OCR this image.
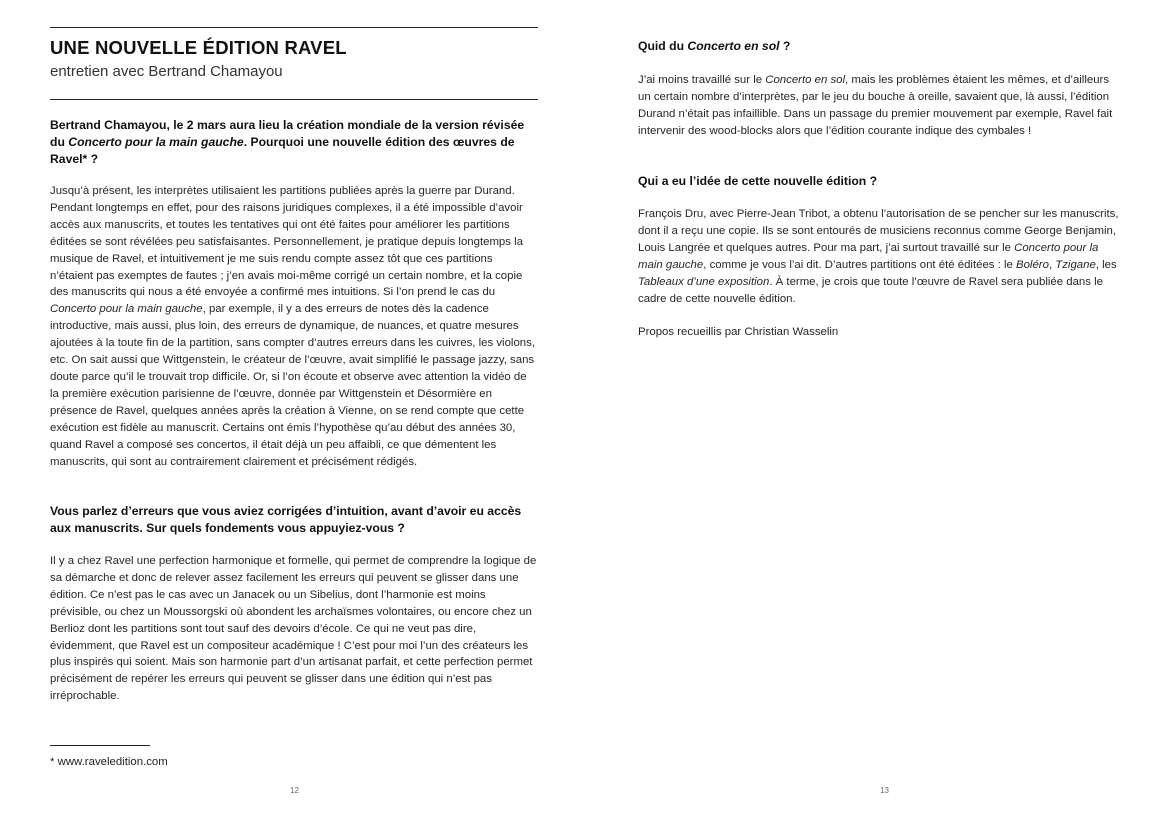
UNE NOUVELLE ÉDITION RAVEL
entretien avec Bertrand Chamayou

Bertrand Chamayou, le 2 mars aura lieu la création mondiale de la version révisée du Concerto pour la main gauche. Pourquoi une nouvelle édition des œuvres de Ravel* ?

Jusqu’à présent, les interprètes utilisaient les partitions publiées après la guerre par Durand. Pendant longtemps en effet, pour des raisons juridiques complexes, il a été impossible d’avoir accès aux manuscrits, et toutes les tentatives qui ont été faites pour améliorer les partitions éditées se sont révélées peu satisfaisantes. Personnellement, je pratique depuis longtemps la musique de Ravel, et intuitivement je me suis rendu compte assez tôt que ces partitions n’étaient pas exemptes de fautes ; j’en avais moi-même corrigé un certain nombre, et la copie des manuscrits qui nous a été envoyée a confirmé mes intuitions. Si l’on prend le cas du Concerto pour la main gauche, par exemple, il y a des erreurs de notes dès la cadence introductive, mais aussi, plus loin, des erreurs de dynamique, de nuances, et quatre mesures ajoutées à la toute fin de la partition, sans compter d’autres erreurs dans les cuivres, les violons, etc. On sait aussi que Wittgenstein, le créateur de l’œuvre, avait simplifié le passage jazzy, sans doute parce qu’il le trouvait trop difficile. Or, si l’on écoute et observe avec attention la vidéo de la première exécution parisienne de l’œuvre, donnée par Wittgenstein et Désormière en présence de Ravel, quelques années après la création à Vienne, on se rend compte que cette exécution est fidèle au manuscrit. Certains ont émis l’hypothèse qu’au début des années 30, quand Ravel a composé ses concertos, il était déjà un peu affaibli, ce que démentent les manuscrits, qui sont au contrairement clairement et précisément rédigés.

Vous parlez d’erreurs que vous aviez corrigées d’intuition, avant d’avoir eu accès aux manuscrits. Sur quels fondements vous appuyiez-vous ?

Il y a chez Ravel une perfection harmonique et formelle, qui permet de comprendre la logique de sa démarche et donc de relever assez facilement les erreurs qui peuvent se glisser dans une édition. Ce n’est pas le cas avec un Janacek ou un Sibelius, dont l’harmonie est moins prévisible, ou chez un Moussorgski où abondent les archaïsmes volontaires, ou encore chez un Berlioz dont les partitions sont tout sauf des devoirs d’école. Ce qui ne veut pas dire, évidemment, que Ravel est un compositeur académique ! C’est pour moi l’un des créateurs les plus inspirés qui soient. Mais son harmonie part d’un artisanat parfait, et cette perfection permet précisément de repérer les erreurs qui peuvent se glisser dans une édition qui n’est pas irréprochable.

* www.raveledition.com
12

Quid du Concerto en sol ?

J’ai moins travaillé sur le Concerto en sol, mais les problèmes étaient les mêmes, et d’ailleurs un certain nombre d’interprètes, par le jeu du bouche à oreille, savaient que, là aussi, l’édition Durand n’était pas infaillible. Dans un passage du premier mouvement par exemple, Ravel fait intervenir des wood-blocks alors que l’édition courante indique des cymbales !

Qui a eu l’idée de cette nouvelle édition ?

François Dru, avec Pierre-Jean Tribot, a obtenu l’autorisation de se pencher sur les manuscrits, dont il a reçu une copie. Ils se sont entourés de musiciens reconnus comme George Benjamin, Louis Langrée et quelques autres. Pour ma part, j’ai surtout travaillé sur le Concerto pour la main gauche, comme je vous l’ai dit. D’autres partitions ont été éditées : le Boléro, Tzigane, les Tableaux d’une exposition. À terme, je crois que toute l’œuvre de Ravel sera publiée dans le cadre de cette nouvelle édition.

Propos recueillis par Christian Wasselin

13
